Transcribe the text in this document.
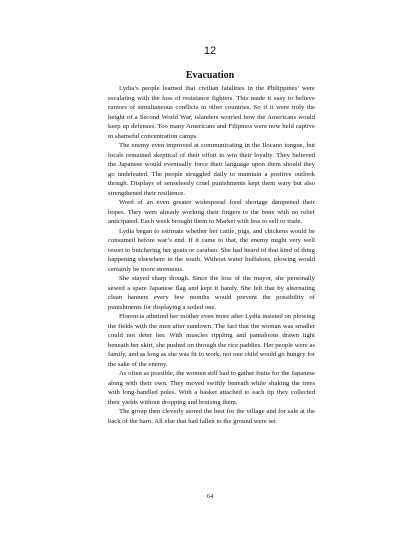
12
Evacuation

Lydia’s people learned that civilian fatalities in the Philippines’ were escalating with the loss of resistance fighters. This made it easy to believe rumors of simultaneous conflicts in other countries. So if it were truly the height of a Second World War, islanders worried how the Americans would keep up defenses. Too many Americans and Filipinos were now held captive in shameful concentration camps.

The enemy even improved at communicating in the Ilocano tongue, but locals remained skeptical of their effort to win their loyalty. They believed the Japanese would eventually force their language upon them should they go undefeated. The people struggled daily to maintain a positive outlook though. Displays of senselessly cruel punishments kept them wary but also strengthened their resilience.

Word of an even greater widespread food shortage dampened their hopes. They were already working their fingers to the bone with no relief anticipated. Each week brought them to Market with less to sell or trade.

Lydia began to estimate whether her cattle, pigs, and chickens would be consumed before war’s end. If it came to that, the enemy might very well resort to butchering her goats or carabao. She had heard of that kind of thing happening elsewhere in the south. Without water buffaloes, plowing would certainly be more strenuous.

She stayed sharp though. Since the loss of the mayor, she personally sewed a spare Japanese flag and kept it handy. She felt that by alternating clean banners every few months would prevent the possibility of punishments for displaying a soiled one.

Florencia admired her mother even more after Lydia insisted on plowing the fields with the men after sundown. The fact that the woman was smaller could not deter her. With muscles rippling and pantaloons drawn tight beneath her skirt, she pushed on through the rice paddies. Her people were as family, and as long as she was fit to work, not one child would go hungry for the sake of the enemy.

As often as possible, the women still had to gather fruits for the Japanese along with their own. They moved swiftly beneath while shaking the trees with long-handled poles. With a basket attached to each tip they collected their yields without dropping and bruising them.

The group then cleverly stored the best for the village and for sale at the back of the barn. All else that had fallen to the ground were set

64
